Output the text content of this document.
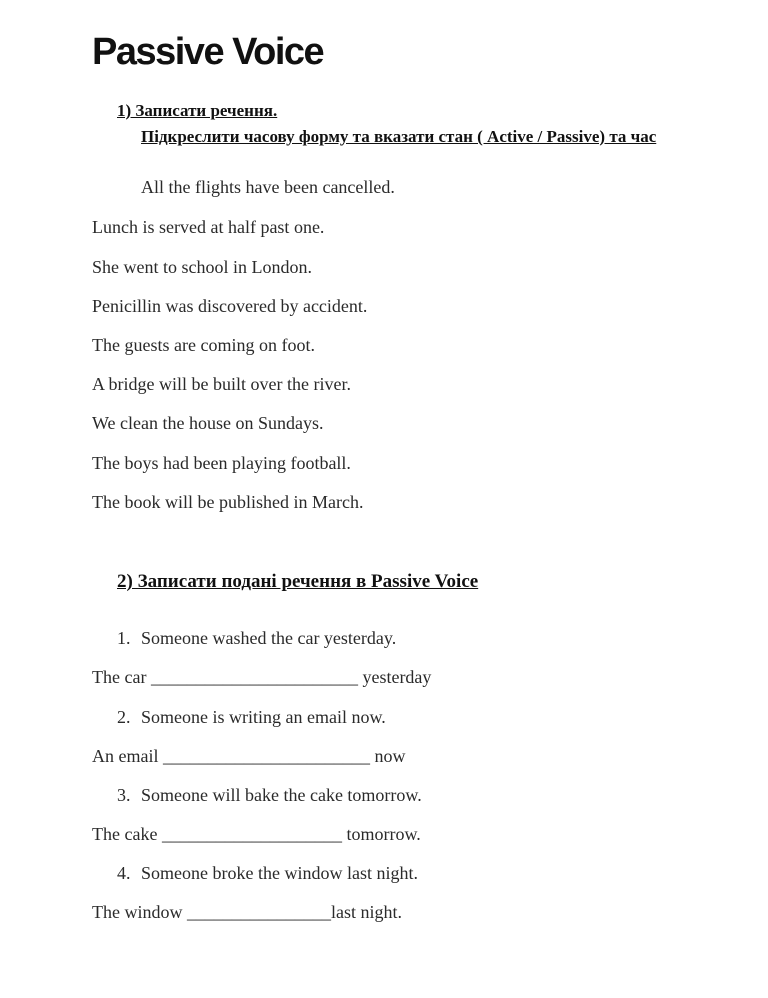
Passive Voice
1) Записати речення.
Підкреслити часову форму та вказати стан ( Active / Passive) та час
All the flights have been cancelled.
Lunch is served at half past one.
She went to school in London.
Penicillin was discovered by accident.
The guests are coming on foot.
A bridge will be built over the river.
We clean the house on Sundays.
The boys had been playing football.
The book will be published in March.
2) Записати подані речення в Passive Voice
1. Someone washed the car yesterday.
The car _______________________ yesterday
2. Someone is writing an email now.
An email _______________________ now
3. Someone will bake the cake tomorrow.
The cake ____________________ tomorrow.
4. Someone broke the window last night.
The window ________________last night.
